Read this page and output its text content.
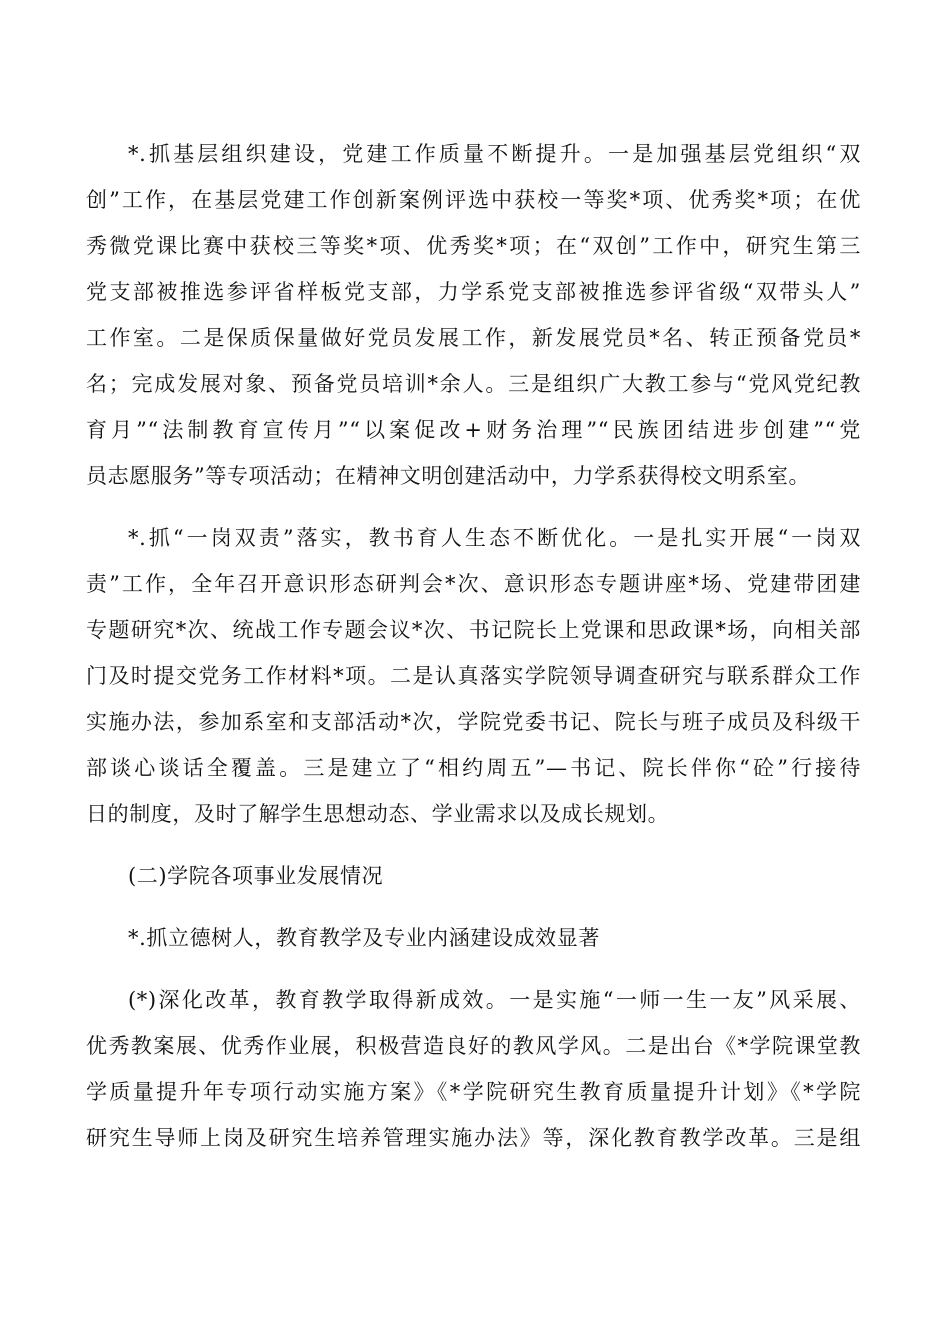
*.抓基层组织建设，党建工作质量不断提升。一是加强基层党组织“双
创”工作，在基层党建工作创新案例评选中获校一等奖*项、优秀奖*项；在优
秀微党课比赛中获校三等奖*项、优秀奖*项；在“双创”工作中，研究生第三
党支部被推选参评省样板党支部，力学系党支部被推选参评省级“双带头人”
工作室。二是保质保量做好党员发展工作，新发展党员*名、转正预备党员*
名；完成发展对象、预备党员培训*余人。三是组织广大教工参与“党风党纪教
育月”“法制教育宣传月”“以案促改+财务治理”“民族团结进步创建”“党
员志愿服务”等专项活动；在精神文明创建活动中，力学系获得校文明系室。

*.抓“一岗双责”落实，教书育人生态不断优化。一是扎实开展“一岗双
责”工作，全年召开意识形态研判会*次、意识形态专题讲座*场、党建带团建
专题研究*次、统战工作专题会议*次、书记院长上党课和思政课*场，向相关部
门及时提交党务工作材料*项。二是认真落实学院领导调查研究与联系群众工作
实施办法，参加系室和支部活动*次，学院党委书记、院长与班子成员及科级干
部谈心谈话全覆盖。三是建立了“相约周五”—书记、院长伴你“砼”行接待
日的制度，及时了解学生思想动态、学业需求以及成长规划。

(二)学院各项事业发展情况

*.抓立德树人，教育教学及专业内涵建设成效显著

(*)深化改革，教育教学取得新成效。一是实施“一师一生一友”风采展、
优秀教案展、优秀作业展，积极营造良好的教风学风。二是出台《*学院课堂教
学质量提升年专项行动实施方案》《*学院研究生教育质量提升计划》《*学院
研究生导师上岗及研究生培养管理实施办法》等，深化教育教学改革。三是组
